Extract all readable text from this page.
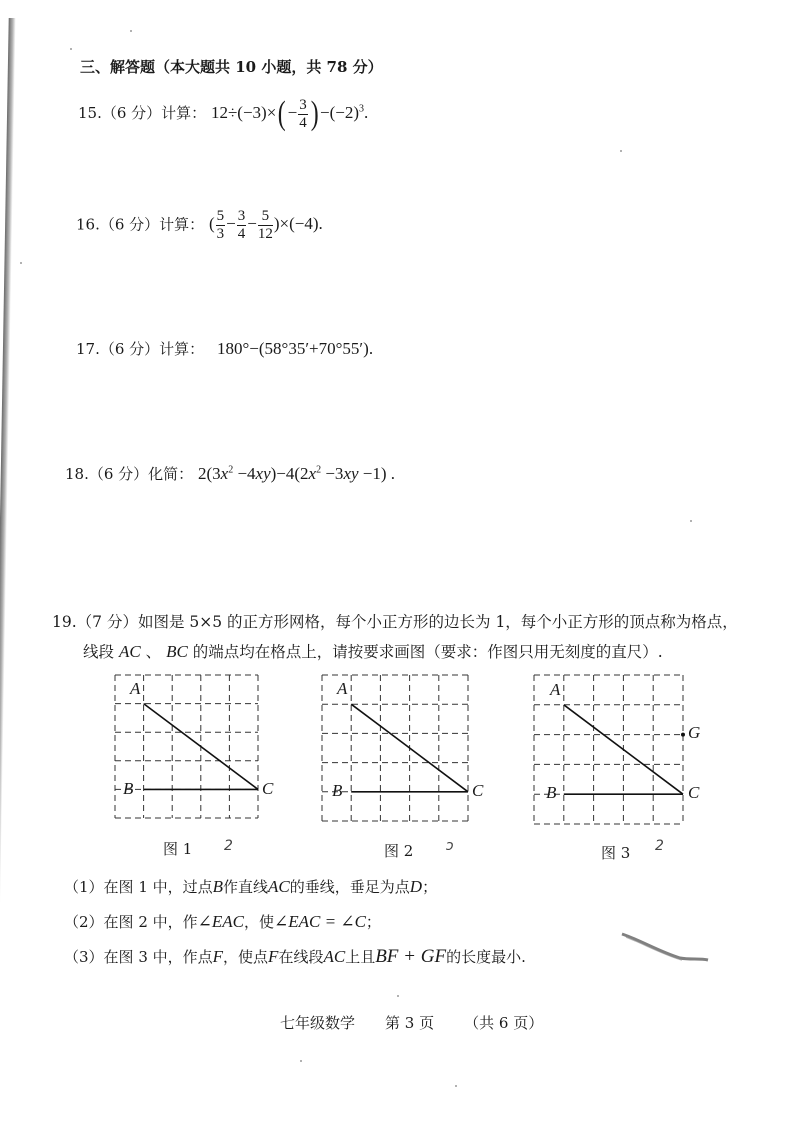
三、解答题（本大题共 10 小题，共 78 分）
15.（6 分）计算： $12\div(-3)\times(- \frac{3}{4} )-(-2)^3$.
16.（6 分）计算： ( $\frac{5}{3} - \frac{3}{4} - \frac{5}{12} )\times(-4)$.
17.（6 分）计算： 180°−(58°35′+70°55′).
18.（6 分）化简： $2(3x^2 -4xy)-4(2x^2 -3xy -1)$ .
19.（7 分）如图是 5×5 的正方形网格，每个小正方形的边长为 1，每个小正方形的顶点称为格点，
线段 AC 、 BC 的端点均在格点上，请按要求画图（要求：作图只用无刻度的直尺）.
A
B	C
图 1 2
A
B	C
图 2 ↄ
A
B	C
G
图 3 2
（1）在图 1 中，过点B作直线AC的垂线，垂足为点D；
（2）在图 2 中，作∠EAC，使∠EAC = ∠C；
（3）在图 3 中，作点F，使点F在线段AC上且BF + GF的长度最小.
七年级数学 第 3 页 （共 6 页）
